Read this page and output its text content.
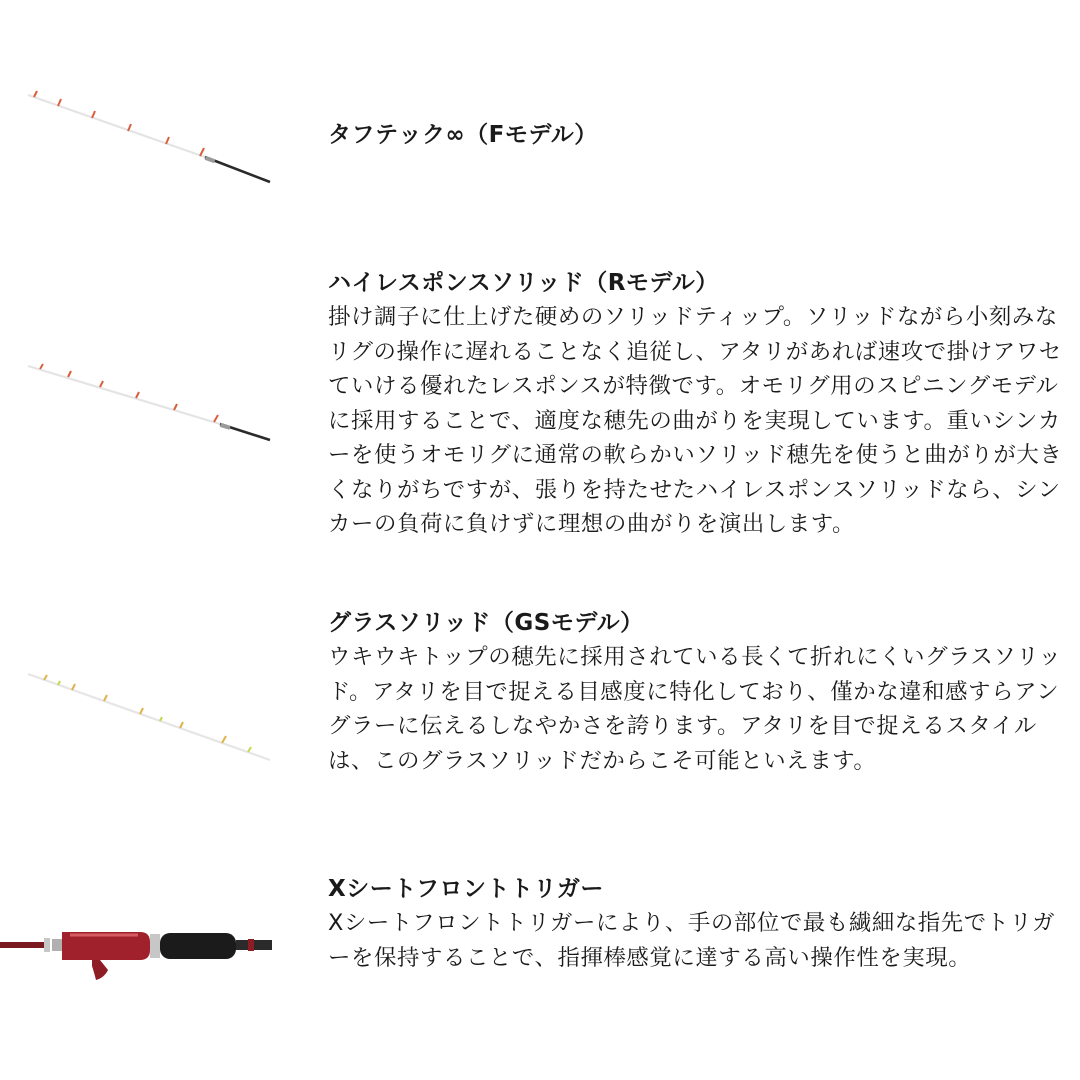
タフテック∞（Fモデル）
ハイレスポンスソリッド（Rモデル）

掛け調子に仕上げた硬めのソリッドティップ。ソリッドながら小刻みなリグの操作に遅れることなく追従し、アタリがあれば速攻で掛けアワセていける優れたレスポンスが特徴です。オモリグ用のスピニングモデルに採用することで、適度な穂先の曲がりを実現しています。重いシンカーを使うオモリグに通常の軟らかいソリッド穂先を使うと曲がりが大きくなりがちですが、張りを持たせたハイレスポンスソリッドなら、シンカーの負荷に負けずに理想の曲がりを演出します。

グラスソリッド（GSモデル）

ウキウキトップの穂先に採用されている長くて折れにくいグラスソリッド。アタリを目で捉える目感度に特化しており、僅かな違和感すらアングラーに伝えるしなやかさを誇ります。アタリを目で捉えるスタイルは、このグラスソリッドだからこそ可能といえます。

Xシートフロントトリガー

Xシートフロントトリガーにより、手の部位で最も繊細な指先でトリガーを保持することで、指揮棒感覚に達する高い操作性を実現。
